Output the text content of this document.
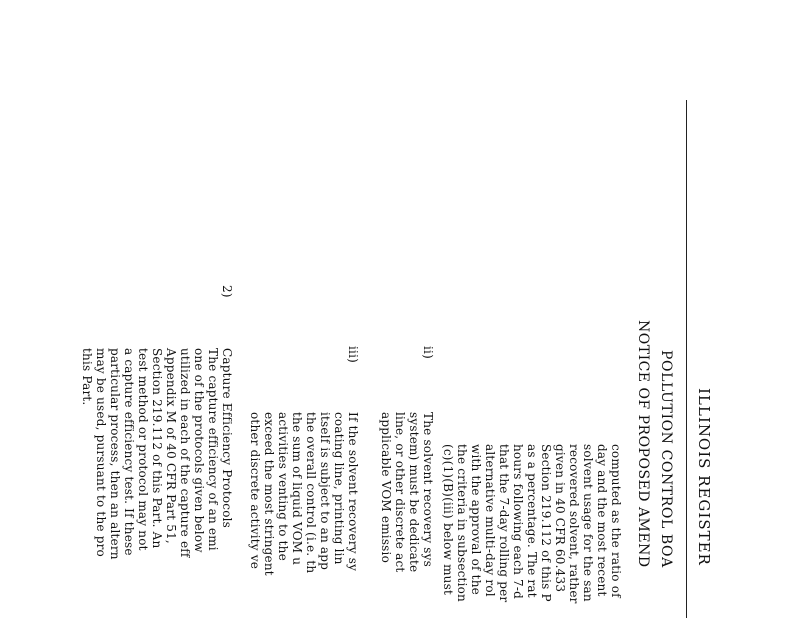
ILLINOIS REGISTER
POLLUTION CONTROL BOA
NOTICE OF PROPOSED AMEND
computed as the ratio of
day and the most recent
solvent usage for the san
recovered solvent, rather
given in 40 CFR 60.433
Section 219.112 of this P
as a percentage. The rat
hours following each 7-d
that the 7-day rolling per
alternative multi-day rol
with the approval of the
the criteria in subsection
(c)(1)(B)(iii) below must
ii)
The solvent recovery sys
system) must be dedicate
line, or other discrete act
applicable VOM emissio
iii)
If the solvent recovery sy
coating line, printing lin
itself is subject to an app
the overall control (i.e. th
the sum of liquid VOM u
activities venting to the
exceed the most stringent
other discrete activity ve
2)
Capture Efficiency Protocols
The capture efficiency of an emi
one of the protocols given below
utilized in each of the capture eff
Appendix M of 40 CFR Part 51,
Section 219.112 of this Part. An
test method or protocol may not
a capture efficiency test. If these
particular process, then an altern
may be used, pursuant to the pro
this Part.
